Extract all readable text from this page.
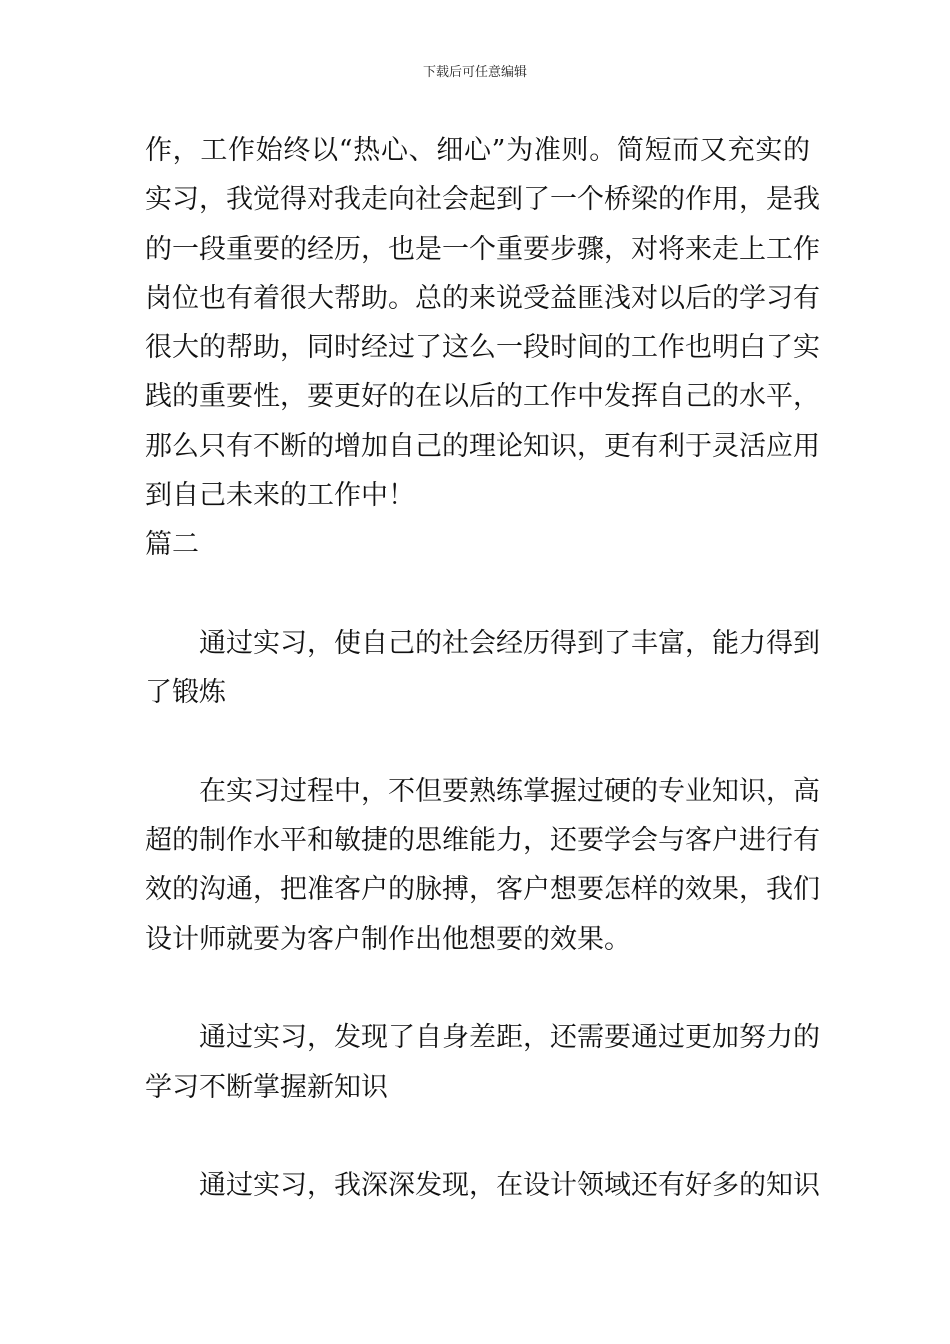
下载后可任意编辑
作，工作始终以“热心、细心”为准则。简短而又充实的
实习，我觉得对我走向社会起到了一个桥梁的作用，是我
的一段重要的经历，也是一个重要步骤，对将来走上工作
岗位也有着很大帮助。总的来说受益匪浅对以后的学习有
很大的帮助，同时经过了这么一段时间的工作也明白了实
践的重要性，要更好的在以后的工作中发挥自己的水平，
那么只有不断的增加自己的理论知识，更有利于灵活应用
到自己未来的工作中！
篇二
通过实习，使自己的社会经历得到了丰富，能力得到
了锻炼
在实习过程中，不但要熟练掌握过硬的专业知识，高
超的制作水平和敏捷的思维能力，还要学会与客户进行有
效的沟通，把准客户的脉搏，客户想要怎样的效果，我们
设计师就要为客户制作出他想要的效果。
通过实习，发现了自身差距，还需要通过更加努力的
学习不断掌握新知识
通过实习，我深深发现，在设计领域还有好多的知识
